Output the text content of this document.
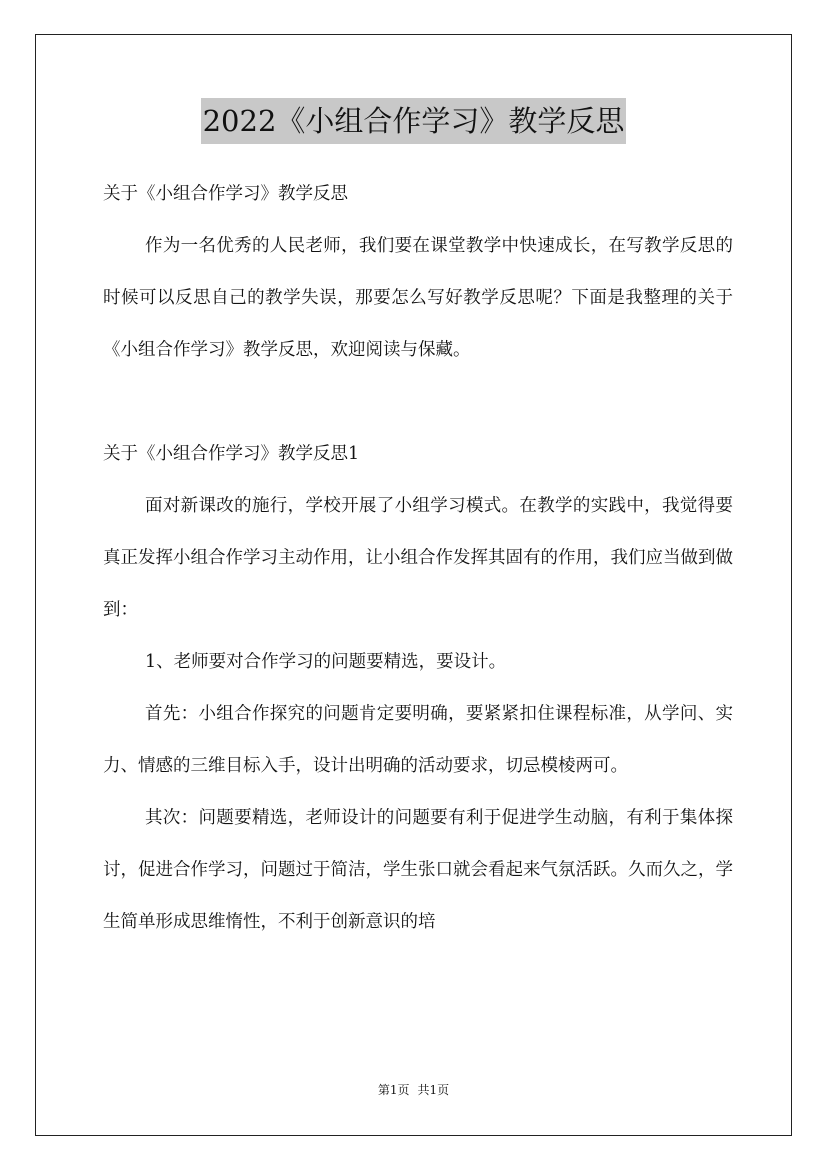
2022《小组合作学习》教学反思

关于《小组合作学习》教学反思

作为一名优秀的人民老师，我们要在课堂教学中快速成长，在写教学反思的时候可以反思自己的教学失误，那要怎么写好教学反思呢？下面是我整理的关于《小组合作学习》教学反思，欢迎阅读与保藏。

关于《小组合作学习》教学反思1

面对新课改的施行，学校开展了小组学习模式。在教学的实践中，我觉得要真正发挥小组合作学习主动作用，让小组合作发挥其固有的作用，我们应当做到做到：

1、老师要对合作学习的问题要精选，要设计。

首先：小组合作探究的问题肯定要明确，要紧紧扣住课程标准，从学问、实力、情感的三维目标入手，设计出明确的活动要求，切忌模棱两可。

其次：问题要精选，老师设计的问题要有利于促进学生动脑，有利于集体探讨，促进合作学习，问题过于简洁，学生张口就会看起来气氛活跃。久而久之，学生简单形成思维惰性，不利于创新意识的培

第1页 共1页
